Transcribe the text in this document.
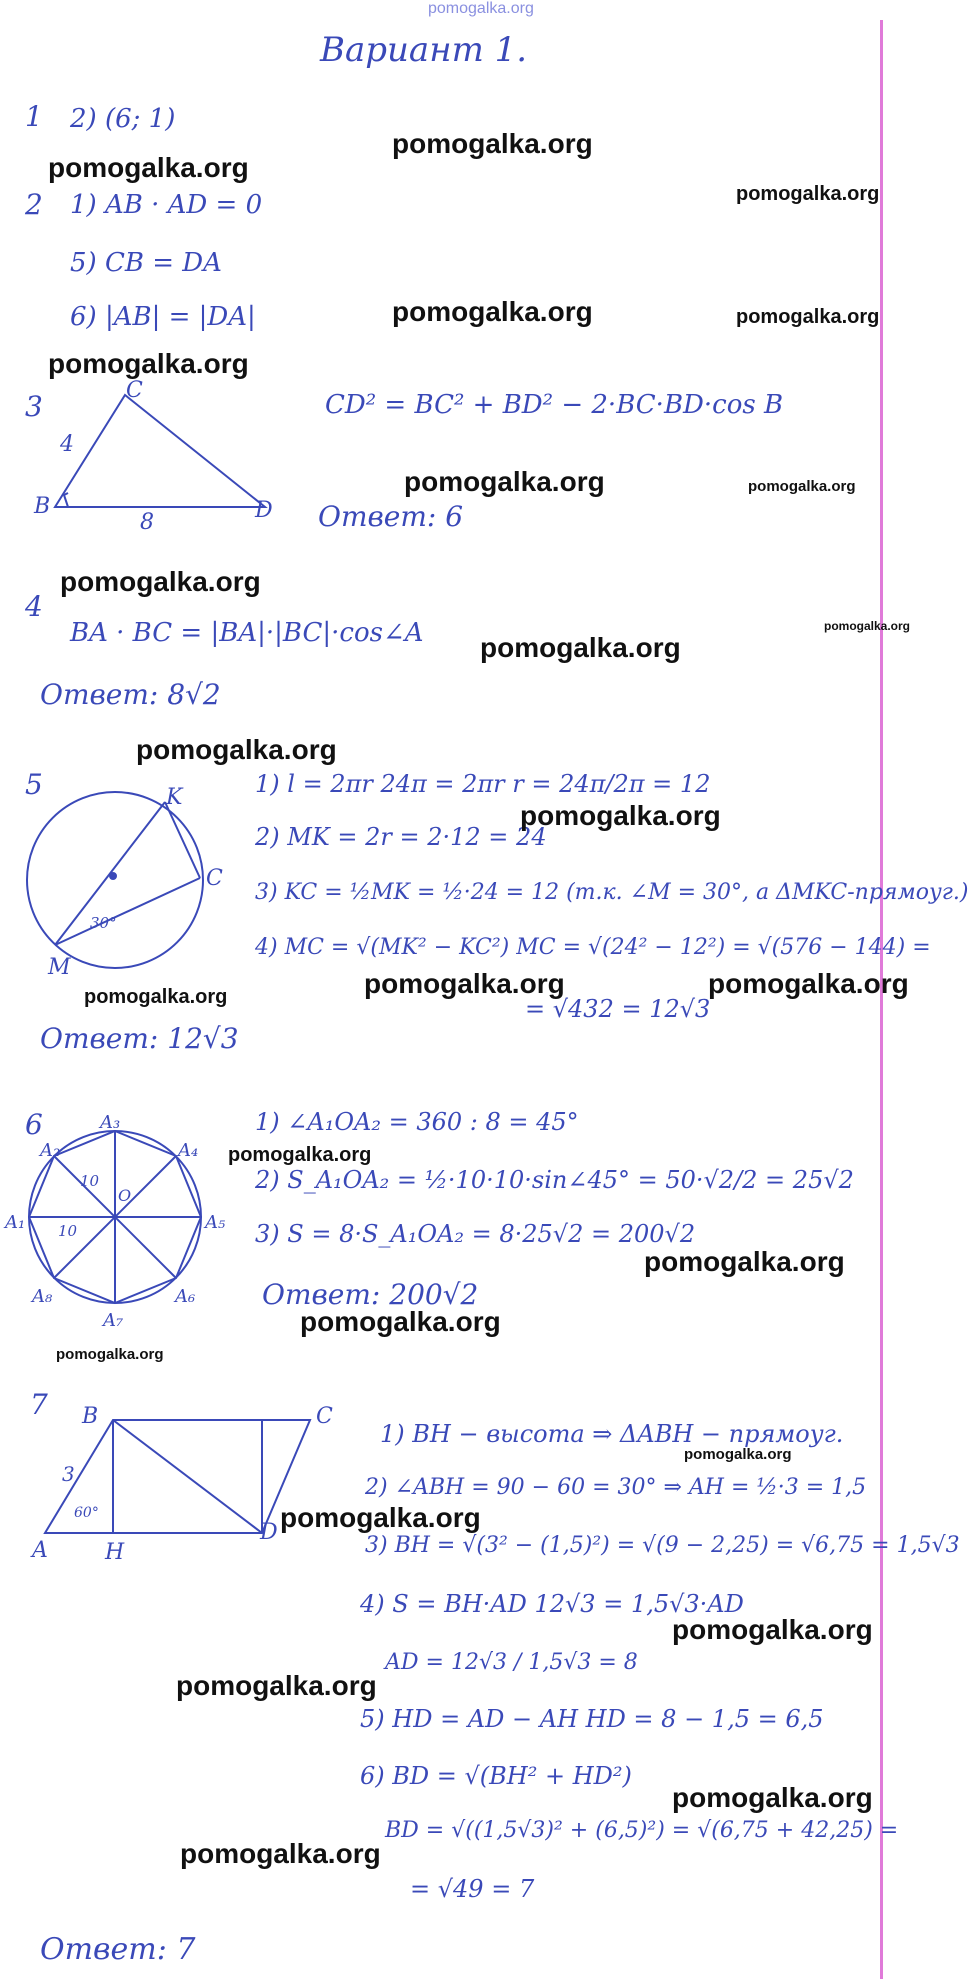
pomogalka.org
Вариант 1.
1 2) (6; 1)
2 1) AB · AD = 0
5) CB = DA
6) |AB| = |DA|
3	C
B	D
4
8
CD² = BC² + BD² − 2·BC·BD·cos B
Ответ: 6
4
BA · BC = |BA|·|BC|·cos∠A
Ответ: 8√2
5	K
C
M
30°
1) l = 2πr 24π = 2πr r = 24π/2π = 12
2) MK = 2r = 2·12 = 24
3) KC = ½MK = ½·24 = 12 (т.к. ∠M = 30°, а ΔMKC-прямоуг.)
4) MC = √(MK² − KC²) MC = √(24² − 12²) = √(576 − 144) =
= √432 = 12√3
Ответ: 12√3
6	A₃
A₂	A₄
A₁	A₅
A₈	A₆
A₇
O
10
10
1) ∠A₁OA₂ = 360 : 8 = 45°
2) S_A₁OA₂ = ½·10·10·sin∠45° = 50·√2/2 = 25√2
3) S = 8·S_A₁OA₂ = 8·25√2 = 200√2
Ответ: 200√2
7 B	C
A	H
D
3
60°
1) BH − высота ⇒ ΔABH − прямоуг.
2) ∠ABH = 90 − 60 = 30° ⇒ AH = ½·3 = 1,5
3) BH = √(3² − (1,5)²) = √(9 − 2,25) = √6,75 = 1,5√3
4) S = BH·AD 12√3 = 1,5√3·AD
AD = 12√3 / 1,5√3 = 8
5) HD = AD − AH HD = 8 − 1,5 = 6,5
6) BD = √(BH² + HD²)
BD = √((1,5√3)² + (6,5)²) = √(6,75 + 42,25) =
= √49 = 7
Ответ: 7
pomogalka.org
pomogalka.org
pomogalka.org
pomogalka.org	pomogalka.org
pomogalka.org
pomogalka.org	pomogalka.org
pomogalka.org
pomogalka.org
pomogalka.org
pomogalka.org
pomogalka.org
pomogalka.org	pomogalka.org
pomogalka.org
pomogalka.org
pomogalka.org
pomogalka.org
pomogalka.org
pomogalka.org
pomogalka.org
pomogalka.org
pomogalka.org
pomogalka.org
pomogalka.org
